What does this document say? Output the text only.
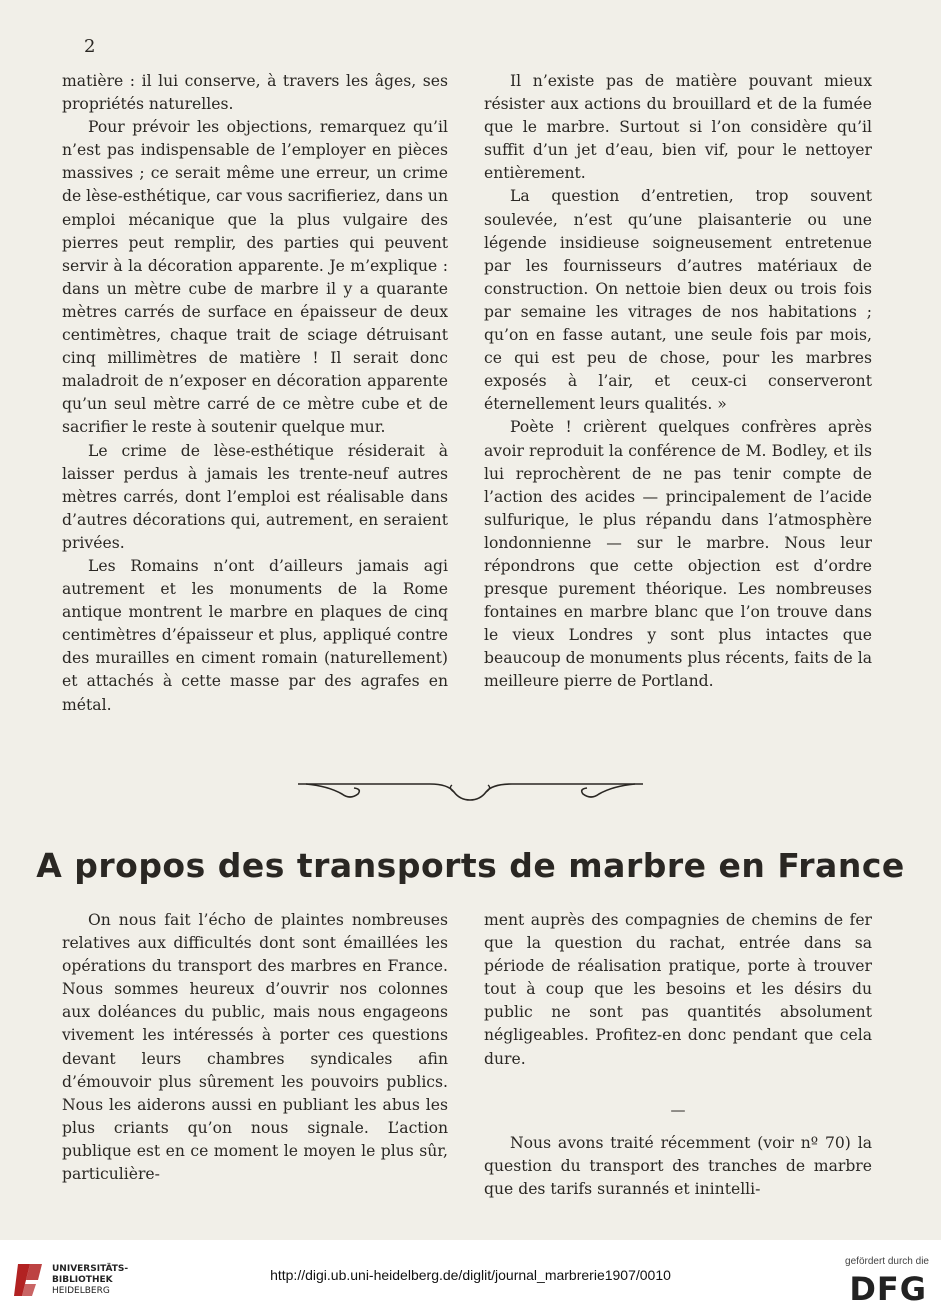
2

matière : il lui conserve, à travers les âges, ses propriétés naturelles.

Pour prévoir les objections, remarquez qu’il n’est pas indispensable de l’employer en pièces massives ; ce serait même une erreur, un crime de lèse-esthétique, car vous sacrifieriez, dans un emploi mécanique que la plus vulgaire des pierres peut remplir, des parties qui peuvent servir à la décoration apparente. Je m’explique : dans un mètre cube de marbre il y a quarante mètres carrés de surface en épaisseur de deux centimètres, chaque trait de sciage détruisant cinq millimètres de matière ! Il serait donc maladroit de n’exposer en décoration apparente qu’un seul mètre carré de ce mètre cube et de sacrifier le reste à soutenir quelque mur.

Le crime de lèse-esthétique résiderait à laisser perdus à jamais les trente-neuf autres mètres carrés, dont l’emploi est réalisable dans d’autres décorations qui, autrement, en seraient privées.

Les Romains n’ont d’ailleurs jamais agi autrement et les monuments de la Rome antique montrent le marbre en plaques de cinq centimètres d’épaisseur et plus, appliqué contre des murailles en ciment romain (naturellement) et attachés à cette masse par des agrafes en métal.

Il n’existe pas de matière pouvant mieux résister aux actions du brouillard et de la fumée que le marbre. Surtout si l’on considère qu’il suffit d’un jet d’eau, bien vif, pour le nettoyer entièrement.

La question d’entretien, trop souvent soulevée, n’est qu’une plaisanterie ou une légende insidieuse soigneusement entretenue par les fournisseurs d’autres matériaux de construction. On nettoie bien deux ou trois fois par semaine les vitrages de nos habitations ; qu’on en fasse autant, une seule fois par mois, ce qui est peu de chose, pour les marbres exposés à l’air, et ceux-ci conserveront éternellement leurs qualités. »

Poète ! crièrent quelques confrères après avoir reproduit la conférence de M. Bodley, et ils lui reprochèrent de ne pas tenir compte de l’action des acides — principalement de l’acide sulfurique, le plus répandu dans l’atmosphère londonnienne — sur le marbre. Nous leur répondrons que cette objection est d’ordre presque purement théorique. Les nombreuses fontaines en marbre blanc que l’on trouve dans le vieux Londres y sont plus intactes que beaucoup de monuments plus récents, faits de la meilleure pierre de Portland.

A propos des transports de marbre en France

On nous fait l’écho de plaintes nombreuses relatives aux difficultés dont sont émaillées les opérations du transport des marbres en France. Nous sommes heureux d’ouvrir nos colonnes aux doléances du public, mais nous engageons vivement les intéressés à porter ces questions devant leurs chambres syndicales afin d’émouvoir plus sûrement les pouvoirs publics. Nous les aiderons aussi en publiant les abus les plus criants qu’on nous signale. L’action publique est en ce moment le moyen le plus sûr, particulière-

ment auprès des compagnies de chemins de fer que la question du rachat, entrée dans sa période de réalisation pratique, porte à trouver tout à coup que les besoins et les désirs du public ne sont pas quantités absolument négligeables. Profitez-en donc pendant que cela dure.

—

Nous avons traité récemment (voir nº 70) la question du transport des tranches de marbre que des tarifs surannés et inintelli-

UNIVERSITÄTS-
BIBLIOTHEK
HEIDELBERG
http://digi.ub.uni-heidelberg.de/diglit/journal_marbrerie1907/0010
gefördert durch die
DFG
